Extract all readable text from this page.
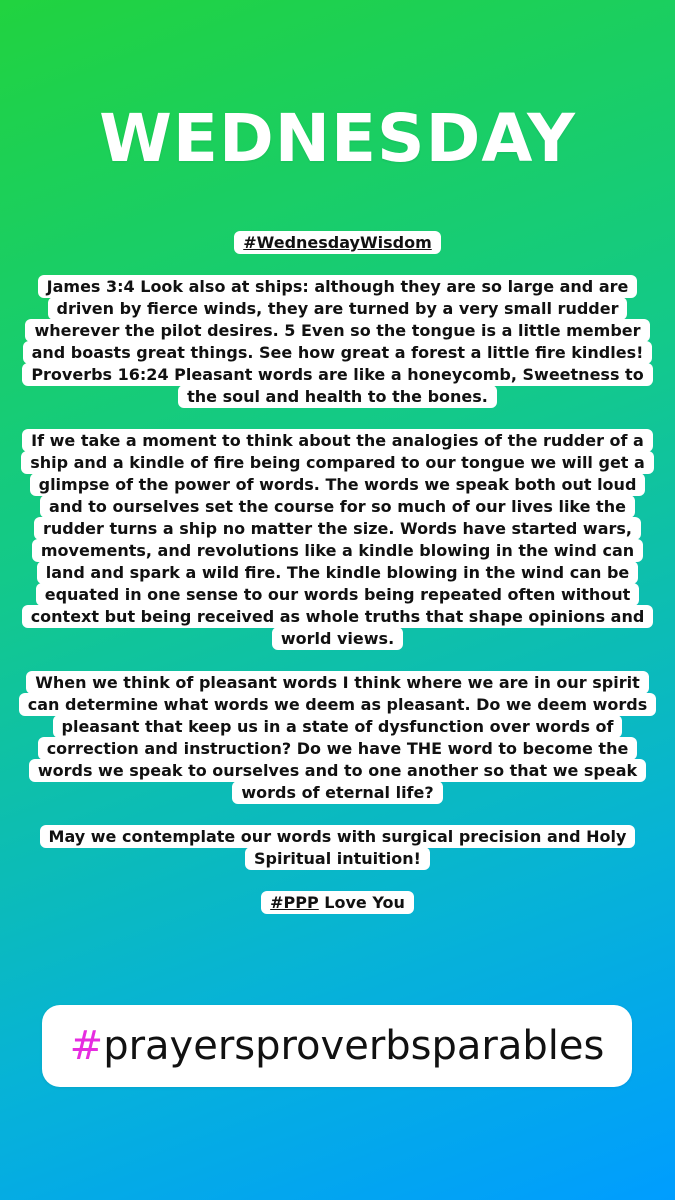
WEDNESDAY

#WednesdayWisdom

James 3:4 Look also at ships: although they are so large and are driven by fierce winds, they are turned by a very small rudder wherever the pilot desires. 5 Even so the tongue is a little member and boasts great things. See how great a forest a little fire kindles!

Proverbs 16:24 Pleasant words are like a honeycomb, Sweetness to the soul and health to the bones.

If we take a moment to think about the analogies of the rudder of a ship and a kindle of fire being compared to our tongue we will get a glimpse of the power of words. The words we speak both out loud and to ourselves set the course for so much of our lives like the rudder turns a ship no matter the size. Words have started wars, movements, and revolutions like a kindle blowing in the wind can land and spark a wild fire. The kindle blowing in the wind can be equated in one sense to our words being repeated often without context but being received as whole truths that shape opinions and world views.

When we think of pleasant words I think where we are in our spirit can determine what words we deem as pleasant. Do we deem words pleasant that keep us in a state of dysfunction over words of correction and instruction? Do we have THE word to become the words we speak to ourselves and to one another so that we speak words of eternal life?

May we contemplate our words with surgical precision and Holy Spiritual intuition!

#PPP Love You

#prayersproverbsparables
